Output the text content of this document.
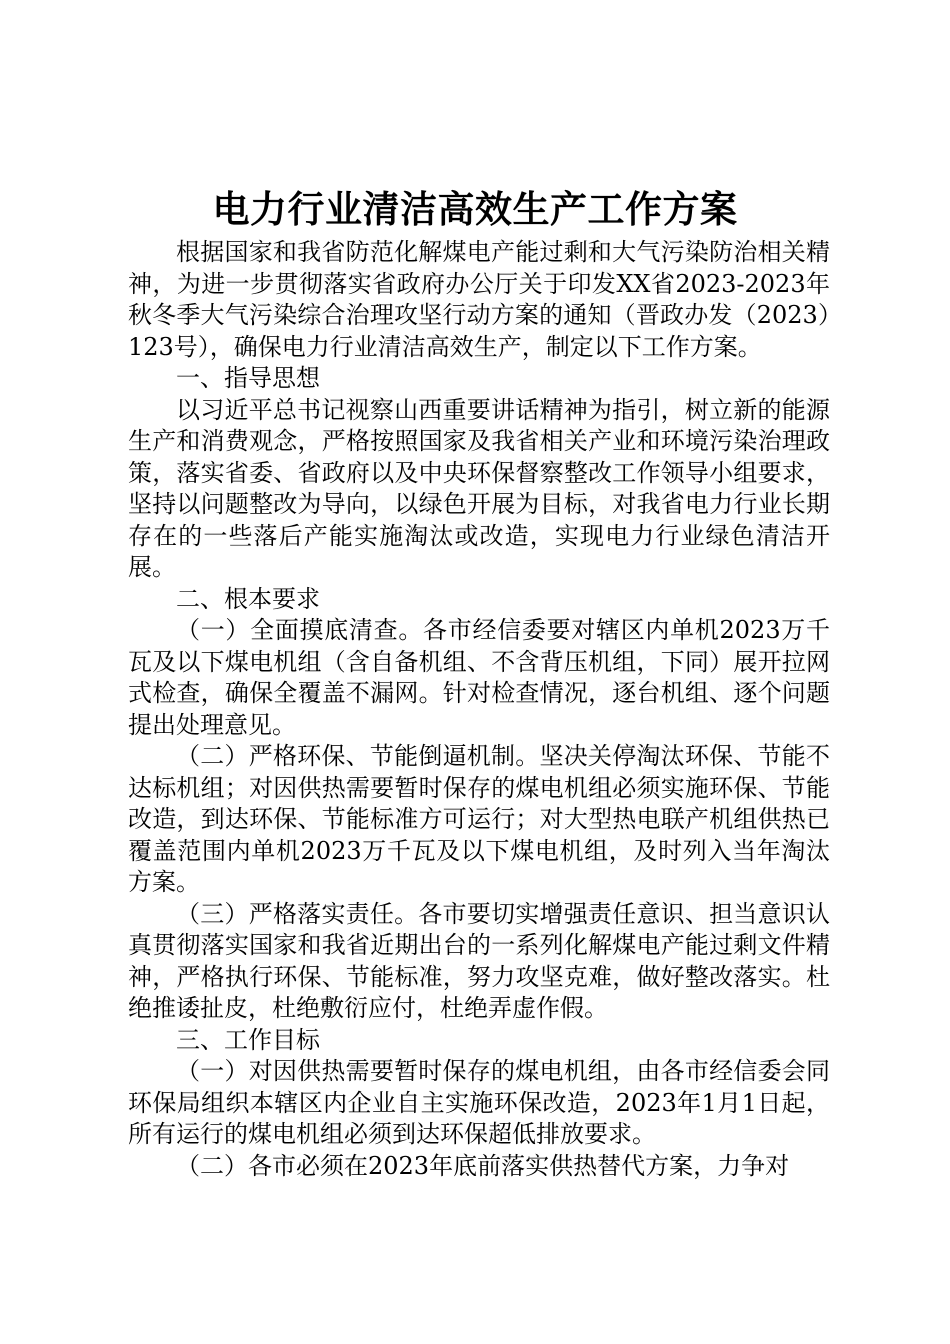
电力行业清洁高效生产工作方案

根据国家和我省防范化解煤电产能过剩和大气污染防治相关精神，为进一步贯彻落实省政府办公厅关于印发XX省2023-2023年秋冬季大气污染综合治理攻坚行动方案的通知（晋政办发（2023）123号），确保电力行业清洁高效生产，制定以下工作方案。

一、指导思想

以习近平总书记视察山西重要讲话精神为指引，树立新的能源生产和消费观念，严格按照国家及我省相关产业和环境污染治理政策，落实省委、省政府以及中央环保督察整改工作领导小组要求，坚持以问题整改为导向，以绿色开展为目标，对我省电力行业长期存在的一些落后产能实施淘汰或改造，实现电力行业绿色清洁开展。

二、根本要求

（一）全面摸底清查。各市经信委要对辖区内单机2023万千瓦及以下煤电机组（含自备机组、不含背压机组，下同）展开拉网式检查，确保全覆盖不漏网。针对检查情况，逐台机组、逐个问题提出处理意见。

（二）严格环保、节能倒逼机制。坚决关停淘汰环保、节能不达标机组；对因供热需要暂时保存的煤电机组必须实施环保、节能改造，到达环保、节能标准方可运行；对大型热电联产机组供热已覆盖范围内单机2023万千瓦及以下煤电机组，及时列入当年淘汰方案。

（三）严格落实责任。各市要切实增强责任意识、担当意识认真贯彻落实国家和我省近期出台的一系列化解煤电产能过剩文件精神，严格执行环保、节能标准，努力攻坚克难，做好整改落实。杜绝推诿扯皮，杜绝敷衍应付，杜绝弄虚作假。

三、工作目标

（一）对因供热需要暂时保存的煤电机组，由各市经信委会同环保局组织本辖区内企业自主实施环保改造，2023年1月1日起，所有运行的煤电机组必须到达环保超低排放要求。

（二）各市必须在2023年底前落实供热替代方案，力争对
